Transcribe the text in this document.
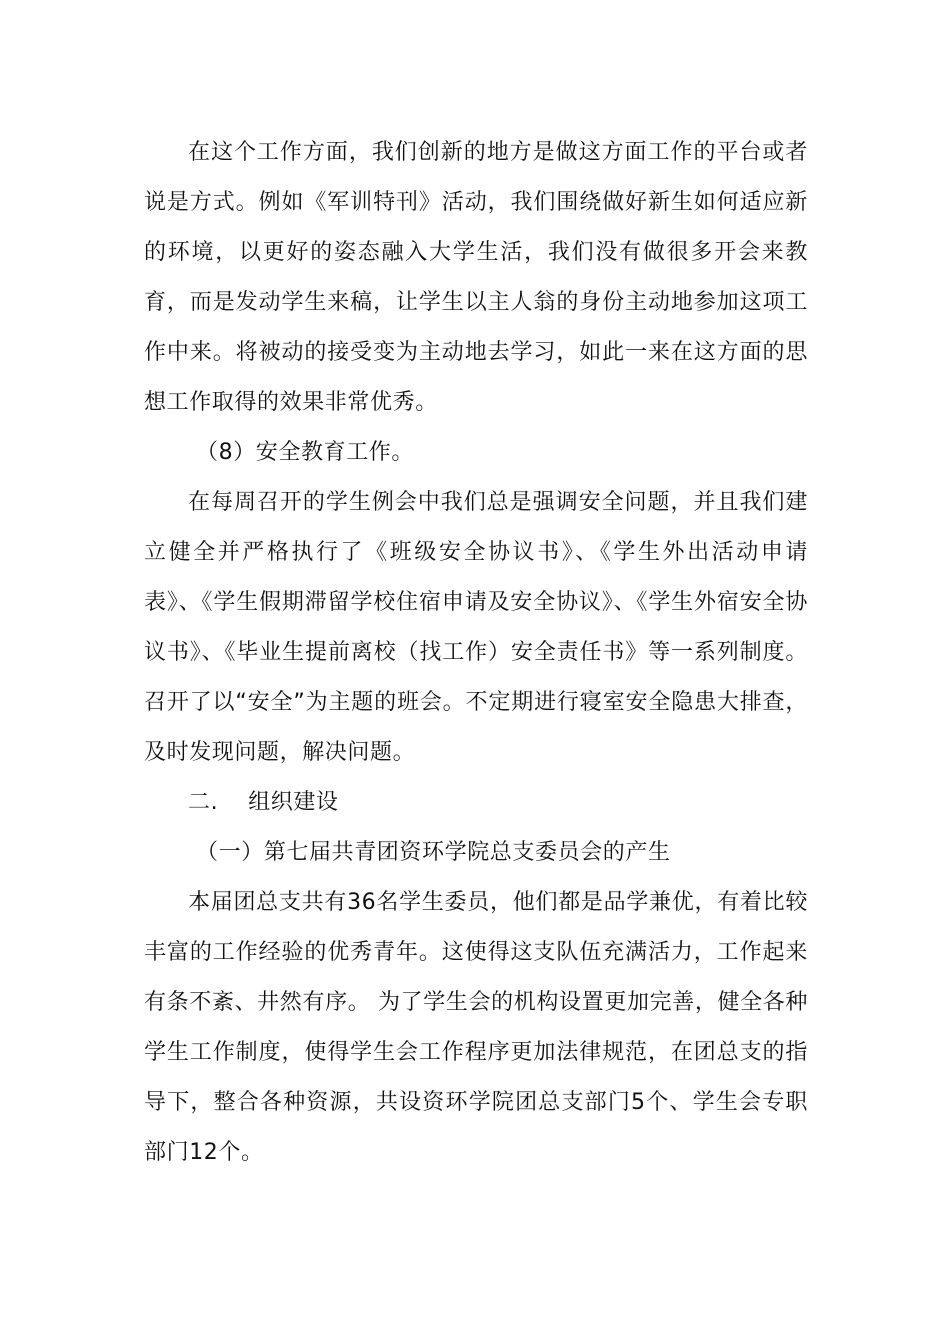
在这个工作方面，我们创新的地方是做这方面工作的平台或者说是方式。例如《军训特刊》活动，我们围绕做好新生如何适应新的环境，以更好的姿态融入大学生活，我们没有做很多开会来教育，而是发动学生来稿，让学生以主人翁的身份主动地参加这项工作中来。将被动的接受变为主动地去学习，如此一来在这方面的思想工作取得的效果非常优秀。

（8）安全教育工作。

在每周召开的学生例会中我们总是强调安全问题，并且我们建立健全并严格执行了《班级安全协议书》、《学生外出活动申请表》、《学生假期滞留学校住宿申请及安全协议》、《学生外宿安全协议书》、《毕业生提前离校（找工作）安全责任书》等一系列制度。召开了以“安全”为主题的班会。不定期进行寝室安全隐患大排查，及时发现问题，解决问题。

二. 组织建设

（一）第七届共青团资环学院总支委员会的产生

本届团总支共有36名学生委员，他们都是品学兼优，有着比较丰富的工作经验的优秀青年。这使得这支队伍充满活力，工作起来有条不紊、井然有序。 为了学生会的机构设置更加完善，健全各种学生工作制度，使得学生会工作程序更加法律规范，在团总支的指导下，整合各种资源，共设资环学院团总支部门5个、学生会专职部门12个。
